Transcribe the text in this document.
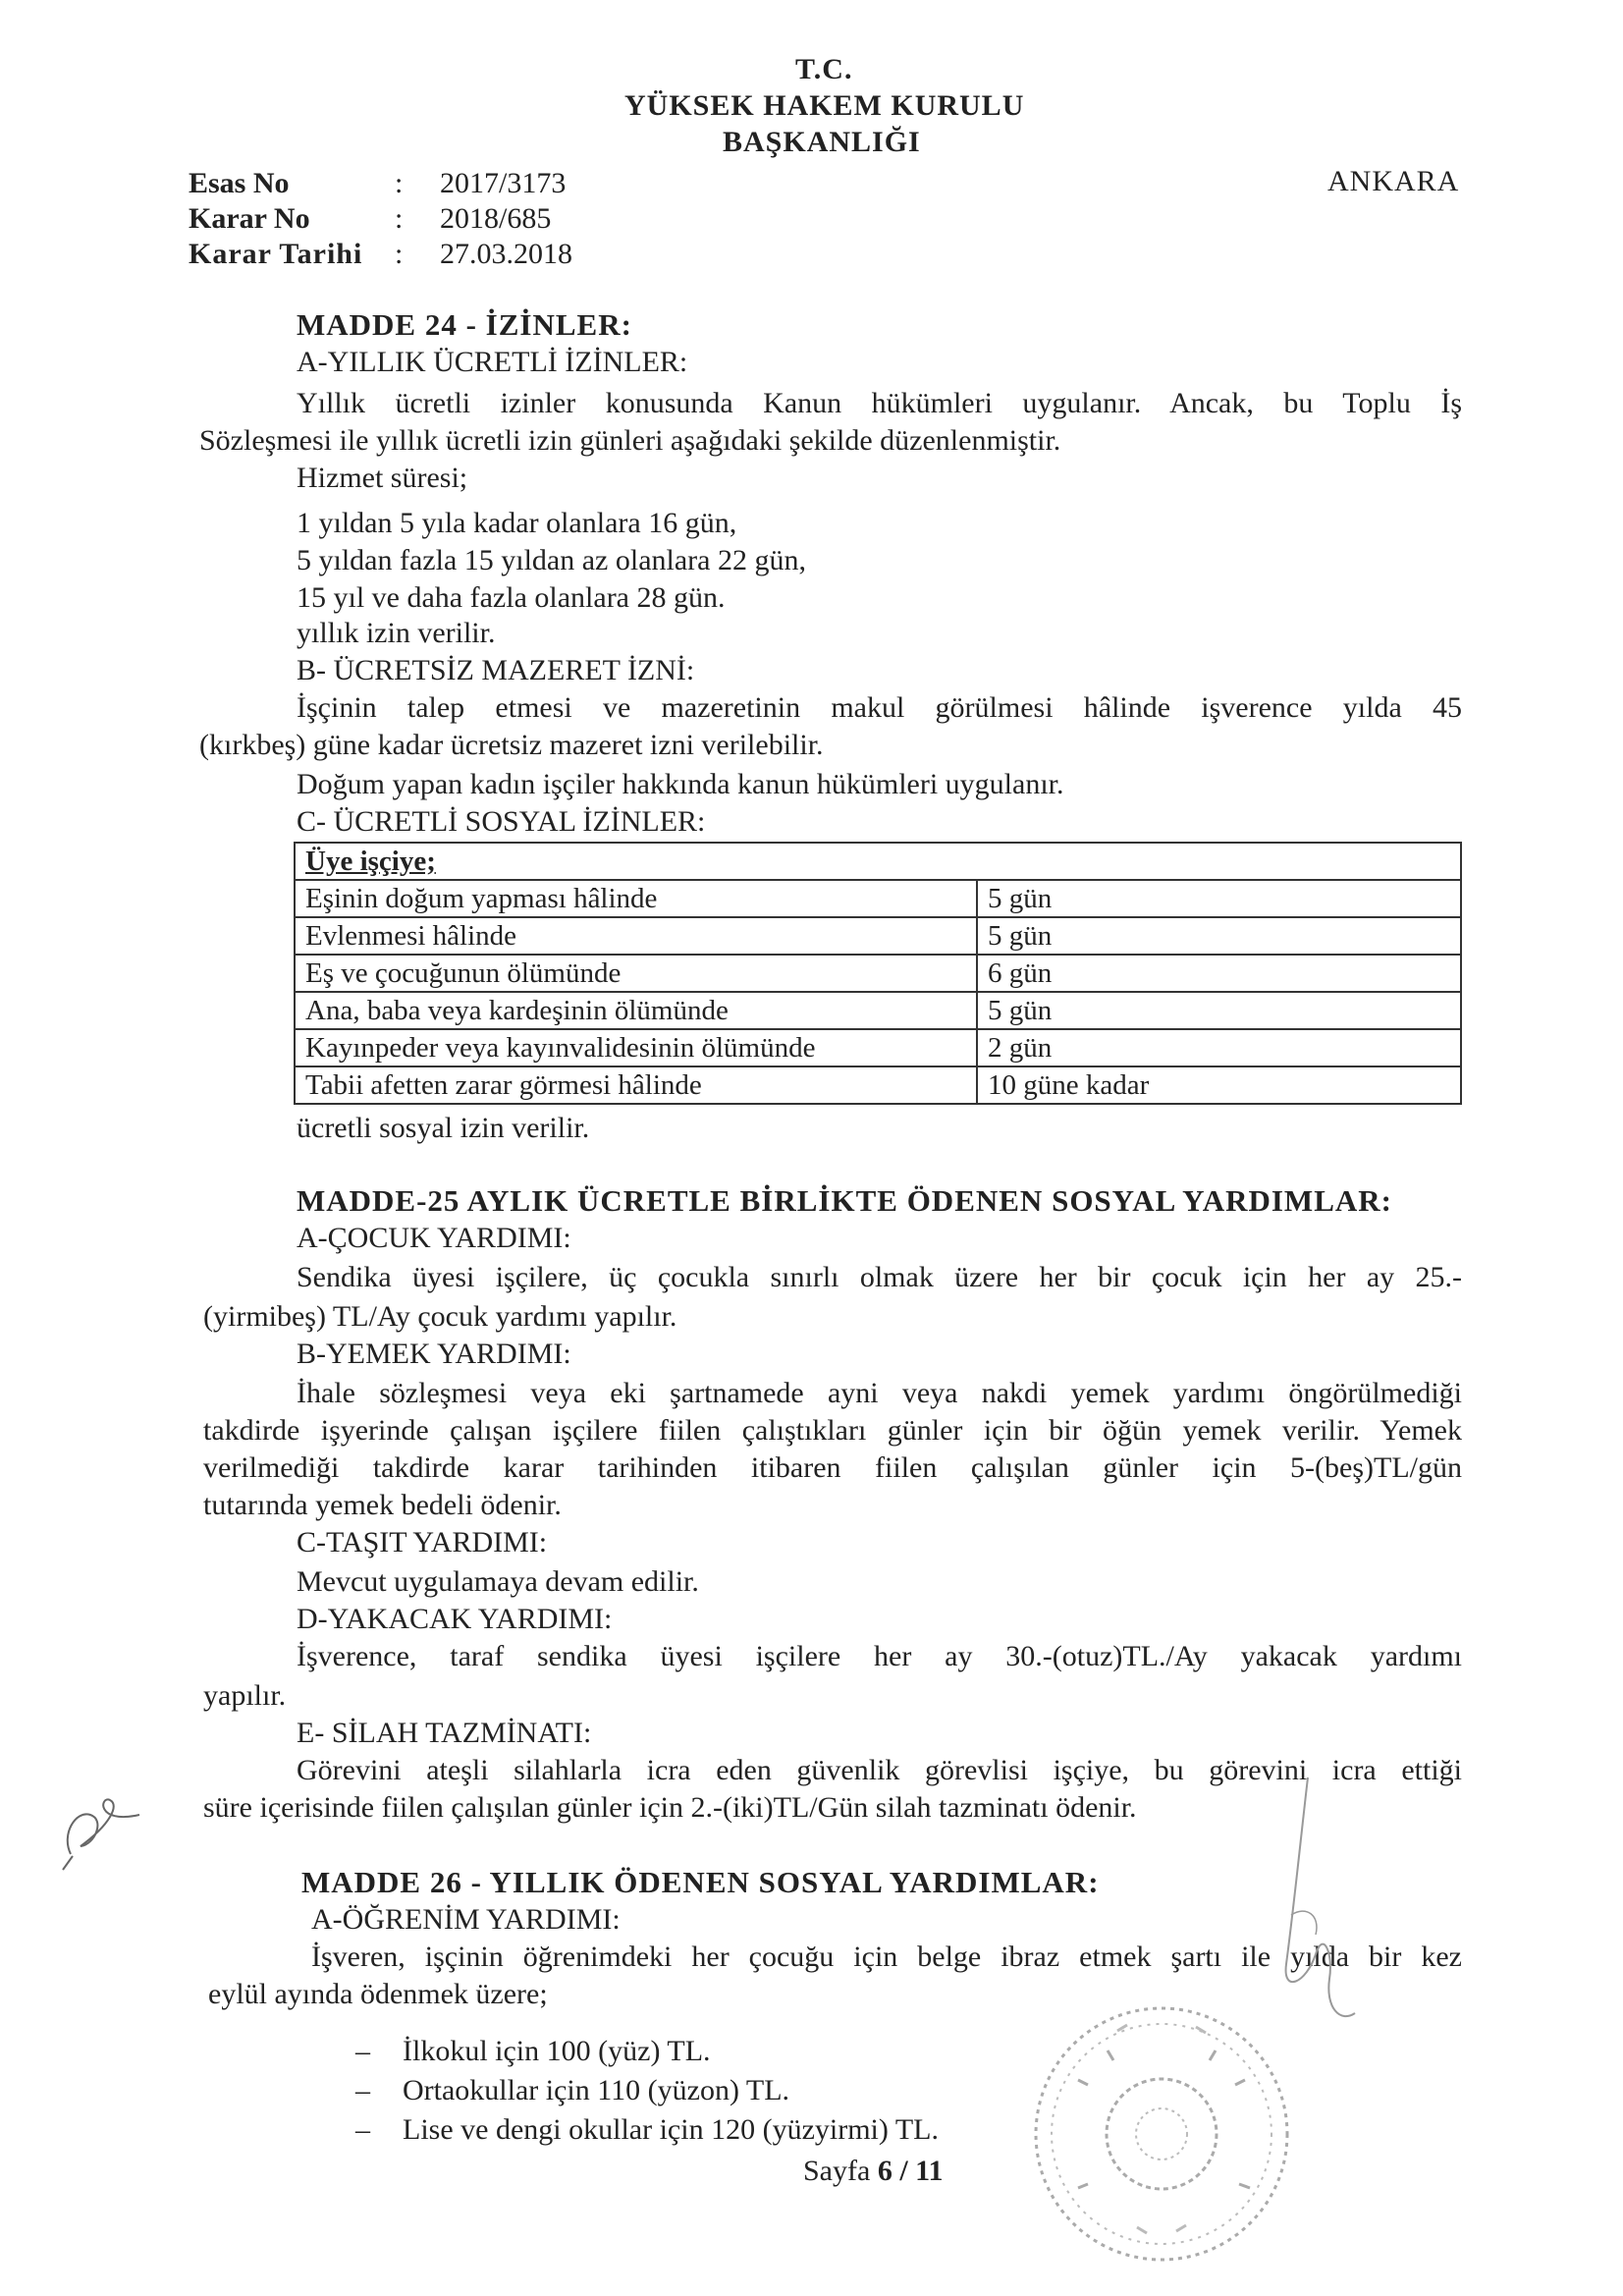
T.C.
YÜKSEK HAKEM KURULU
BAŞKANLIĞI
ANKARA
Esas No	: 2017/3173
Karar No	: 2018/685
Karar Tarihi : 27.03.2018
MADDE 24 - İZİNLER:
A-YILLIK ÜCRETLİ İZİNLER:
Yıllık ücretli izinler konusunda Kanun hükümleri uygulanır. Ancak, bu Toplu İş
Sözleşmesi ile yıllık ücretli izin günleri aşağıdaki şekilde düzenlenmiştir.
Hizmet süresi;
1 yıldan 5 yıla kadar olanlara 16 gün,
5 yıldan fazla 15 yıldan az olanlara 22 gün,
15 yıl ve daha fazla olanlara 28 gün.
yıllık izin verilir.
B- ÜCRETSİZ MAZERET İZNİ:
İşçinin talep etmesi ve mazeretinin makul görülmesi hâlinde işverence yılda 45
(kırkbeş) güne kadar ücretsiz mazeret izni verilebilir.
Doğum yapan kadın işçiler hakkında kanun hükümleri uygulanır.
C- ÜCRETLİ SOSYAL İZİNLER:
Üye işçiye;	
Eşinin doğum yapması hâlinde	5 gün
Evlenmesi hâlinde	5 gün
Eş ve çocuğunun ölümünde	6 gün
Ana, baba veya kardeşinin ölümünde	5 gün
Kayınpeder veya kayınvalidesinin ölümünde	2 gün
Tabii afetten zarar görmesi hâlinde	10 güne kadar
ücretli sosyal izin verilir.
MADDE-25 AYLIK ÜCRETLE BİRLİKTE ÖDENEN SOSYAL YARDIMLAR:
A-ÇOCUK YARDIMI:
Sendika üyesi işçilere, üç çocukla sınırlı olmak üzere her bir çocuk için her ay 25.-
(yirmibeş) TL/Ay çocuk yardımı yapılır.
B-YEMEK YARDIMI:
İhale sözleşmesi veya eki şartnamede ayni veya nakdi yemek yardımı öngörülmediği
takdirde işyerinde çalışan işçilere fiilen çalıştıkları günler için bir öğün yemek verilir. Yemek
verilmediği takdirde karar tarihinden itibaren fiilen çalışılan günler için 5-(beş)TL/gün
tutarında yemek bedeli ödenir.
C-TAŞIT YARDIMI:
Mevcut uygulamaya devam edilir.
D-YAKACAK YARDIMI:
İşverence, taraf sendika üyesi işçilere her ay 30.-(otuz)TL./Ay yakacak yardımı
yapılır.
E- SİLAH TAZMİNATI:
Görevini ateşli silahlarla icra eden güvenlik görevlisi işçiye, bu görevini icra ettiği
süre içerisinde fiilen çalışılan günler için 2.-(iki)TL/Gün silah tazminatı ödenir.
MADDE 26 - YILLIK ÖDENEN SOSYAL YARDIMLAR:
A-ÖĞRENİM YARDIMI:
İşveren, işçinin öğrenimdeki her çocuğu için belge ibraz etmek şartı ile yılda bir kez
eylül ayında ödenmek üzere;
– İlkokul için 100 (yüz) TL.
– Ortaokullar için 110 (yüzon) TL.
– Lise ve dengi okullar için 120 (yüzyirmi) TL.
Sayfa 6 / 11
